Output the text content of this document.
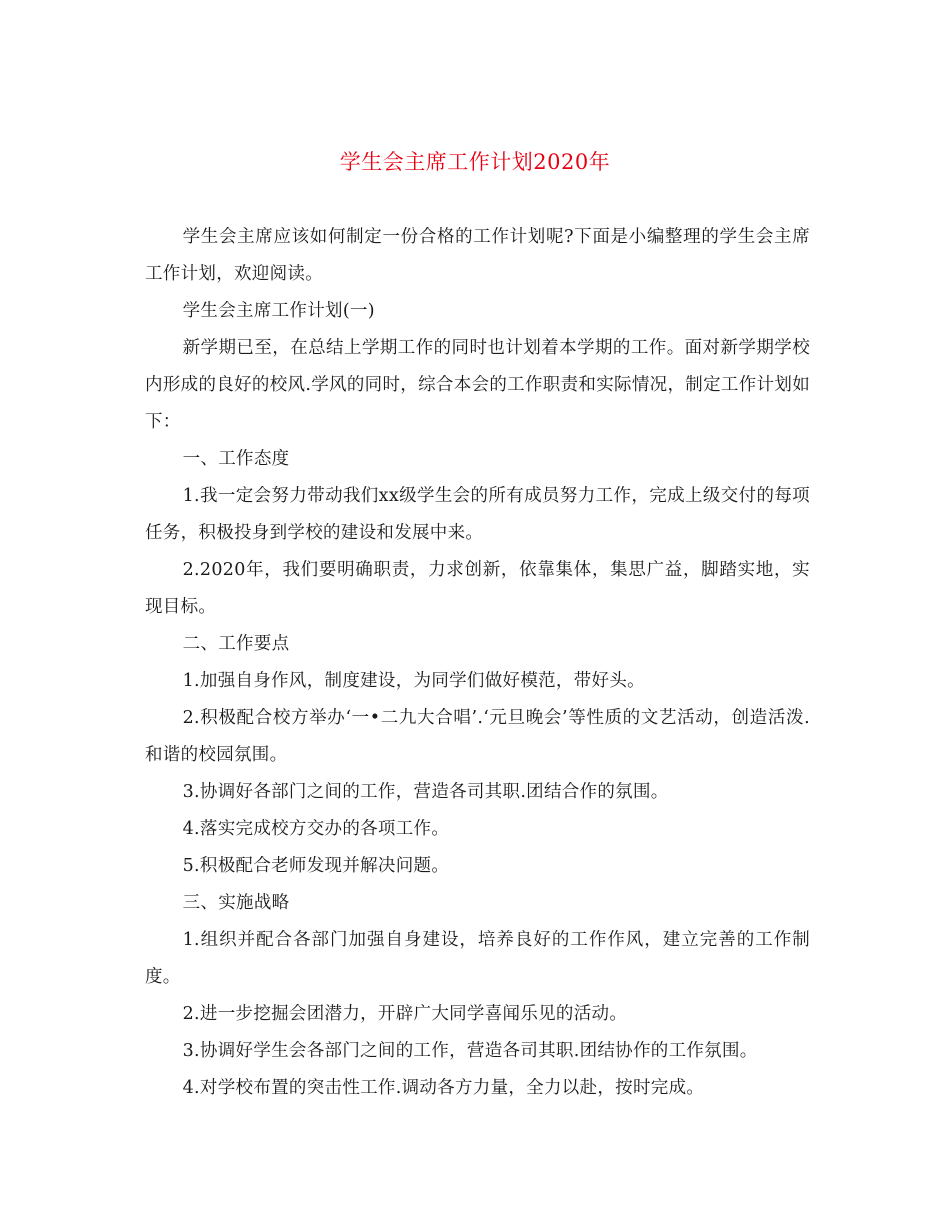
学生会主席工作计划2020年

学生会主席应该如何制定一份合格的工作计划呢?下面是小编整理的学生会主席工作计划，欢迎阅读。

学生会主席工作计划(一)

新学期已至，在总结上学期工作的同时也计划着本学期的工作。面对新学期学校内形成的良好的校风.学风的同时，综合本会的工作职责和实际情况，制定工作计划如下：

一、工作态度

1.我一定会努力带动我们xx级学生会的所有成员努力工作，完成上级交付的每项任务，积极投身到学校的建设和发展中来。

2.2020年，我们要明确职责，力求创新，依靠集体，集思广益，脚踏实地，实现目标。

二、工作要点

1.加强自身作风，制度建设，为同学们做好模范，带好头。

2.积极配合校方举办‘一•二九大合唱’.‘元旦晚会’等性质的文艺活动，创造活泼.和谐的校园氛围。

3.协调好各部门之间的工作，营造各司其职.团结合作的氛围。

4.落实完成校方交办的各项工作。

5.积极配合老师发现并解决问题。

三、实施战略

1.组织并配合各部门加强自身建设，培养良好的工作作风，建立完善的工作制度。

2.进一步挖掘会团潜力，开辟广大同学喜闻乐见的活动。

3.协调好学生会各部门之间的工作，营造各司其职.团结协作的工作氛围。

4.对学校布置的突击性工作.调动各方力量，全力以赴，按时完成。
